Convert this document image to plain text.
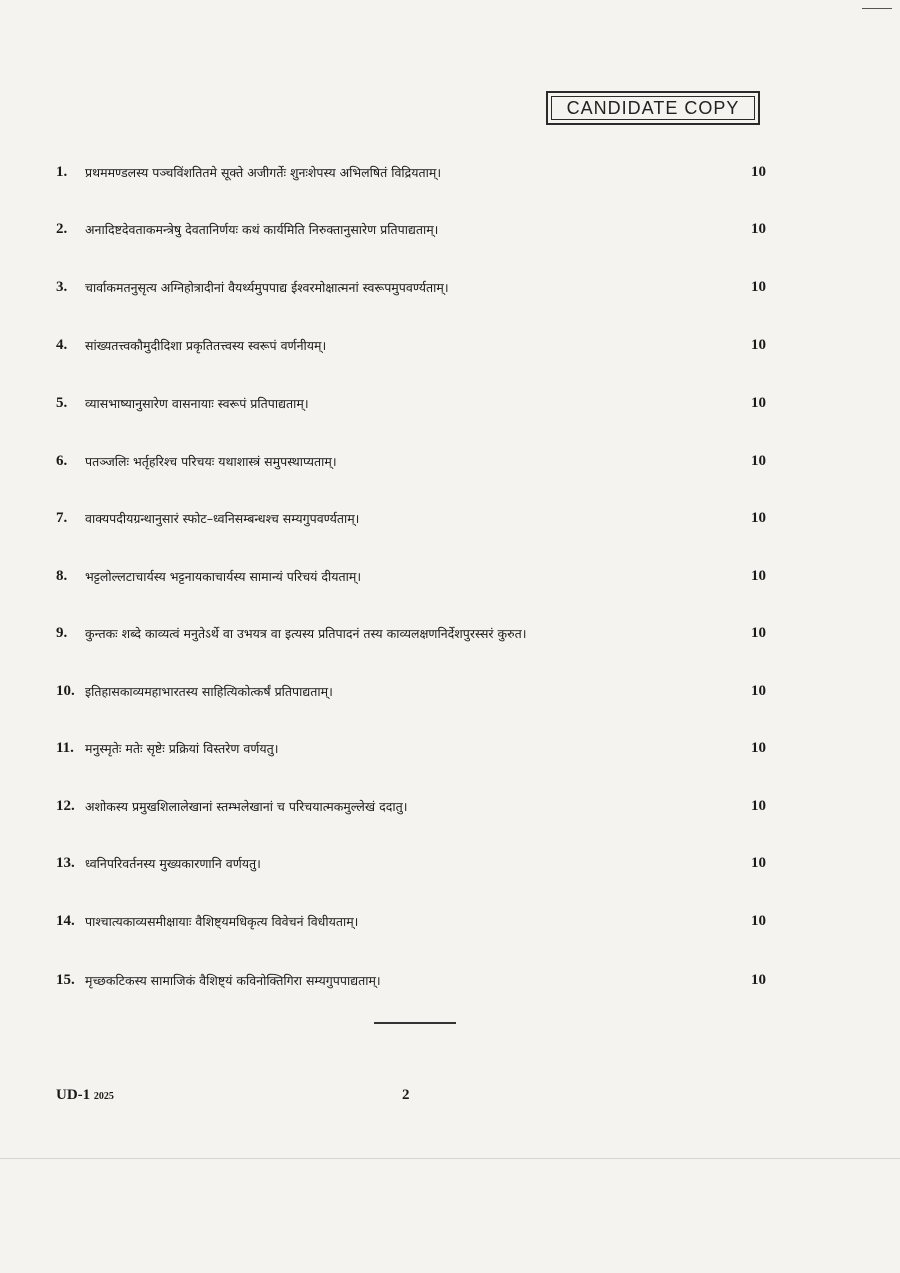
CANDIDATE COPY
1.	प्रथममण्डलस्य पञ्चविंशतितमे सूक्ते अजीगर्तेः शुनःशेपस्य अभिलषितं विद्रियताम्।	10
2.	अनादिष्टदेवताकमन्त्रेषु देवतानिर्णयः कथं कार्यमिति निरुक्तानुसारेण प्रतिपाद्यताम्।	10
3.	चार्वाकमतनुसृत्य अग्निहोत्रादीनां वैयर्थ्यमुपपाद्य ईश्वरमोक्षात्मनां स्वरूपमुपवर्ण्यताम्।	10
4.	सांख्यतत्त्वकौमुदीदिशा प्रकृतितत्त्वस्य स्वरूपं वर्णनीयम्।	10
5.	व्यासभाष्यानुसारेण वासनायाः स्वरूपं प्रतिपाद्यताम्।	10
6.	पतञ्जलिः भर्तृहरिश्च परिचयः यथाशास्त्रं समुपस्थाप्यताम्।	10
7.	वाक्यपदीयग्रन्थानुसारं स्फोट–ध्वनिसम्बन्धश्च सम्यगुपवर्ण्यताम्।	10
8.	भट्टलोल्लटाचार्यस्य भट्टनायकाचार्यस्य सामान्यं परिचयं दीयताम्।	10
9.	कुन्तकः शब्दे काव्यत्वं मनुतेऽर्थे वा उभयत्र वा इत्यस्य प्रतिपादनं तस्य काव्यलक्षणनिर्देशपुरस्सरं कुरुत।	10
10. इतिहासकाव्यमहाभारतस्य साहित्यिकोत्कर्षं प्रतिपाद्यताम्।	10
11. मनुस्मृतेः मतेः सृष्टेः प्रक्रियां विस्तरेण वर्णयतु।	10
12. अशोकस्य प्रमुखशिलालेखानां स्तम्भलेखानां च परिचयात्मकमुल्लेखं ददातु।	10
13. ध्वनिपरिवर्तनस्य मुख्यकारणानि वर्णयतु।	10
14. पाश्चात्यकाव्यसमीक्षायाः वैशिष्ट्यमधिकृत्य विवेचनं विधीयताम्।	10
15. मृच्छकटिकस्य सामाजिकं वैशिष्ट्यं कविनोक्तिगिरा सम्यगुपपाद्यताम्।	10
UD-1 2025	2
